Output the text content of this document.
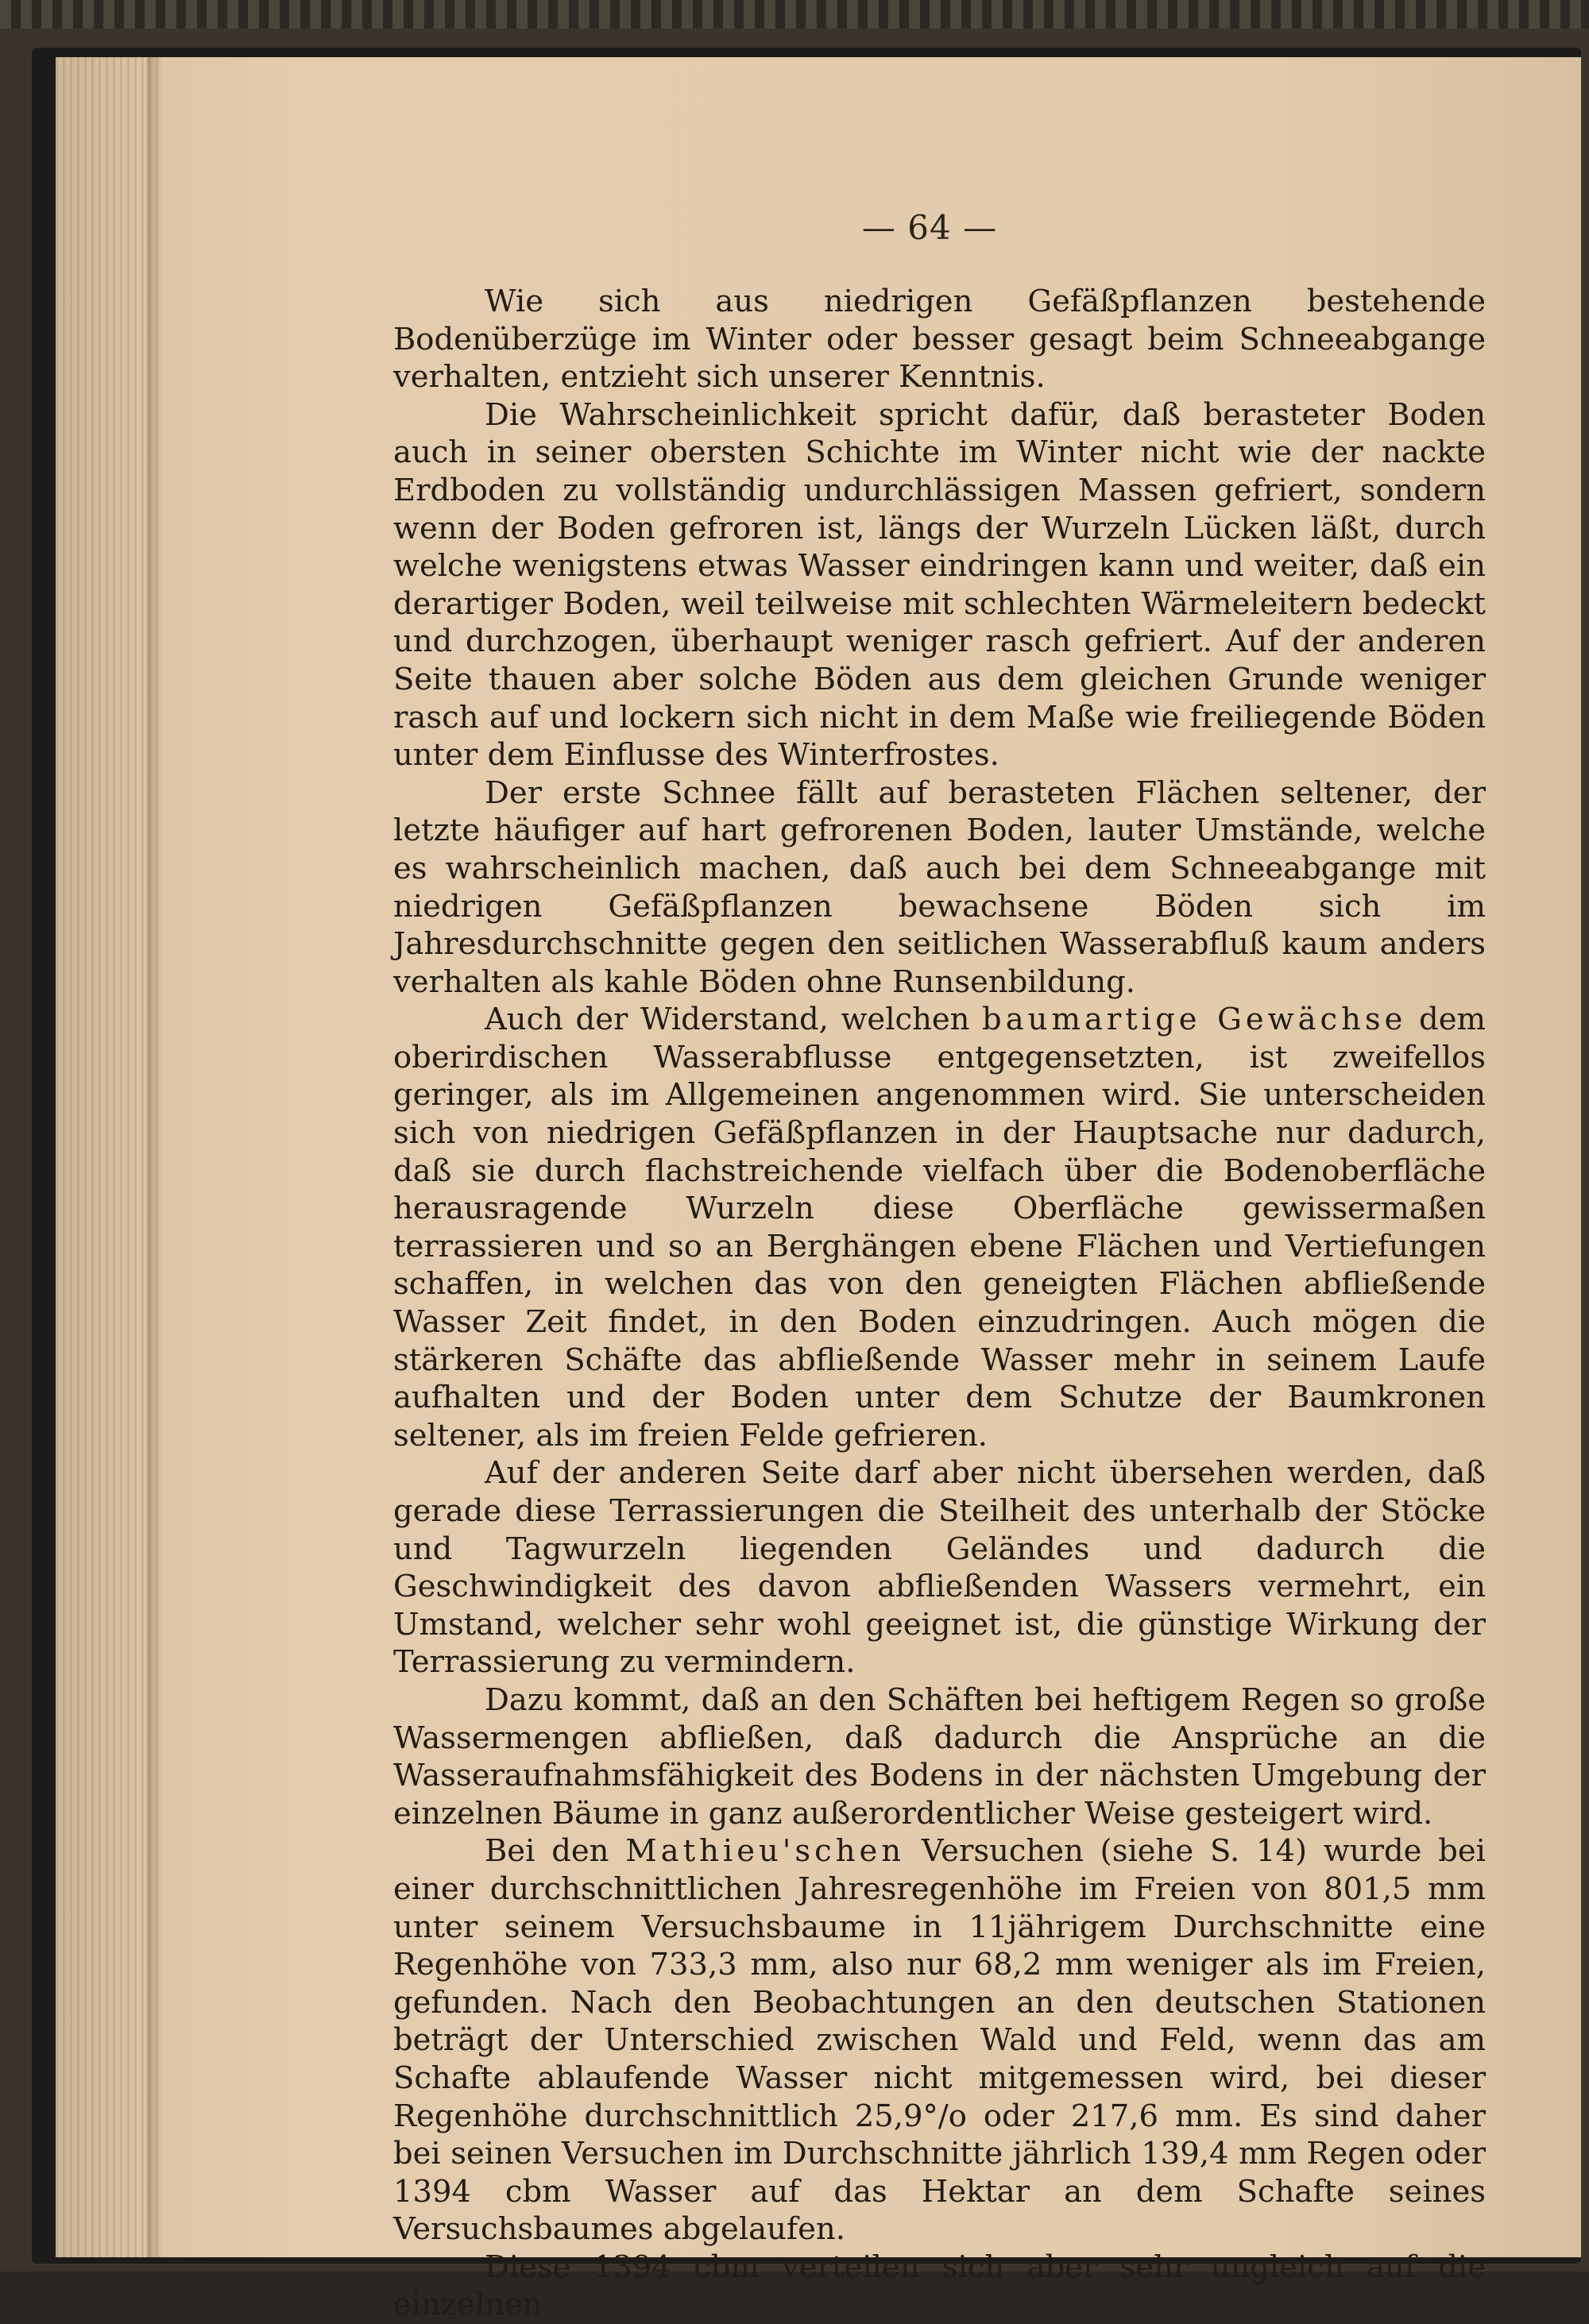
— 64 —

Wie sich aus niedrigen Gefäßpflanzen bestehende Bodenüberzüge im Winter oder besser gesagt beim Schneeabgange verhalten, entzieht sich unserer Kenntnis.

Die Wahrscheinlichkeit spricht dafür, daß berasteter Boden auch in seiner obersten Schichte im Winter nicht wie der nackte Erdboden zu vollständig undurchlässigen Massen gefriert, sondern wenn der Boden gefroren ist, längs der Wurzeln Lücken läßt, durch welche wenigstens etwas Wasser eindringen kann und weiter, daß ein derartiger Boden, weil teilweise mit schlechten Wärmeleitern bedeckt und durchzogen, überhaupt weniger rasch gefriert. Auf der anderen Seite thauen aber solche Böden aus dem gleichen Grunde weniger rasch auf und lockern sich nicht in dem Maße wie freiliegende Böden unter dem Einflusse des Winterfrostes.

Der erste Schnee fällt auf berasteten Flächen seltener, der letzte häufiger auf hart gefrorenen Boden, lauter Umstände, welche es wahrscheinlich machen, daß auch bei dem Schneeabgange mit niedrigen Gefäßpflanzen bewachsene Böden sich im Jahresdurchschnitte gegen den seitlichen Wasserabfluß kaum anders verhalten als kahle Böden ohne Runsenbildung.

Auch der Widerstand, welchen baumartige Gewächse dem oberirdischen Wasserabflusse entgegensetzten, ist zweifellos geringer, als im Allgemeinen angenommen wird. Sie unterscheiden sich von niedrigen Gefäßpflanzen in der Hauptsache nur dadurch, daß sie durch flachstreichende vielfach über die Bodenoberfläche herausragende Wurzeln diese Oberfläche gewissermaßen terrassieren und so an Berghängen ebene Flächen und Vertiefungen schaffen, in welchen das von den geneigten Flächen abfließende Wasser Zeit findet, in den Boden einzudringen. Auch mögen die stärkeren Schäfte das abfließende Wasser mehr in seinem Laufe aufhalten und der Boden unter dem Schutze der Baumkronen seltener, als im freien Felde gefrieren.

Auf der anderen Seite darf aber nicht übersehen werden, daß gerade diese Terrassierungen die Steilheit des unterhalb der Stöcke und Tagwurzeln liegenden Geländes und dadurch die Geschwindigkeit des davon abfließenden Wassers vermehrt, ein Umstand, welcher sehr wohl geeignet ist, die günstige Wirkung der Terrassierung zu vermindern.

Dazu kommt, daß an den Schäften bei heftigem Regen so große Wassermengen abfließen, daß dadurch die Ansprüche an die Wasseraufnahmsfähigkeit des Bodens in der nächsten Umgebung der einzelnen Bäume in ganz außerordentlicher Weise gesteigert wird.

Bei den Mathieu'schen Versuchen (siehe S. 14) wurde bei einer durchschnittlichen Jahresregenhöhe im Freien von 801,5 mm unter seinem Versuchsbaume in 11jährigem Durchschnitte eine Regenhöhe von 733,3 mm, also nur 68,2 mm weniger als im Freien, gefunden. Nach den Beobachtungen an den deutschen Stationen beträgt der Unterschied zwischen Wald und Feld, wenn das am Schafte ablaufende Wasser nicht mitgemessen wird, bei dieser Regenhöhe durchschnittlich 25,9°/o oder 217,6 mm. Es sind daher bei seinen Versuchen im Durchschnitte jährlich 139,4 mm Regen oder 1394 cbm Wasser auf das Hektar an dem Schafte seines Versuchsbaumes abgelaufen.

Diese 1394 cbm verteilen sich aber sehr ungleich auf die einzelnen
